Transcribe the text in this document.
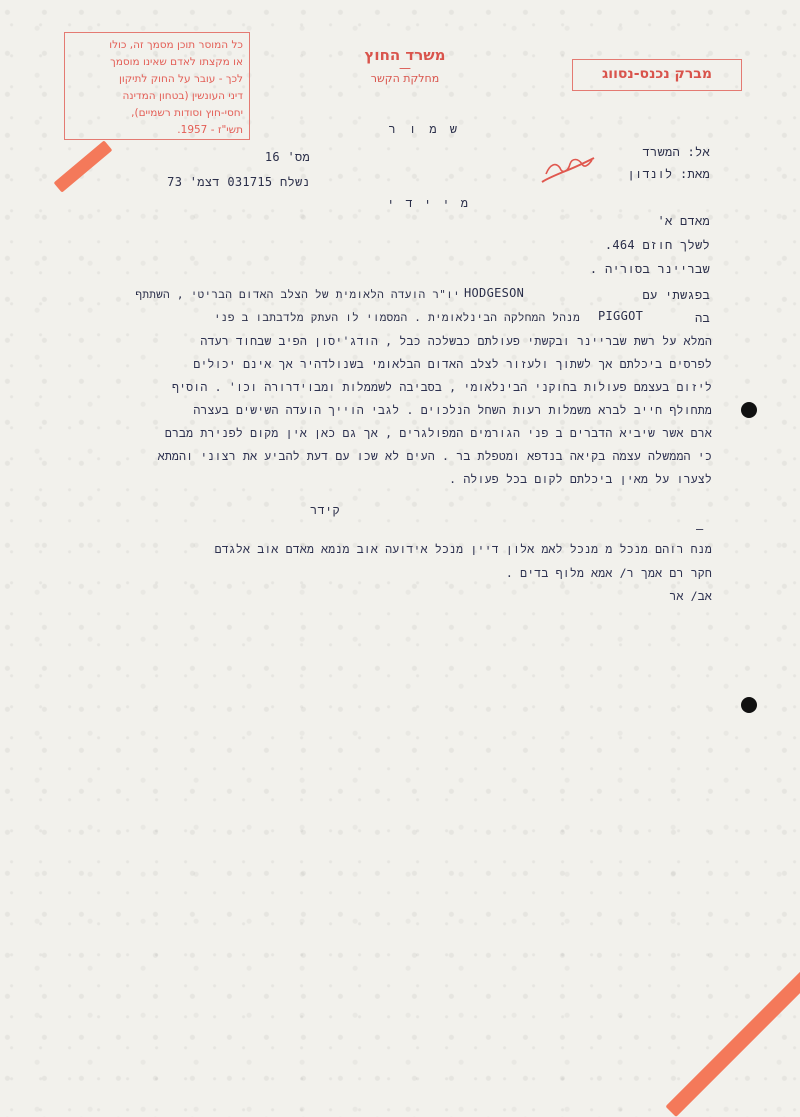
כל המוסר תוכן מסמך זה, כולו
או מקצתו לאדם שאינו מוסמך
לכך - עובר על החוק לתיקון
דיני העונשין (בטחון המדינה
יחסי-חוץ וסודות רשמיים),
תשי"ז - 1957.
משרד החוץ
—
מחלקת הקשר	מברק נכנס-נסווג
ש מ ו ר
אל: המשרד
מאת: לונדון
מס' 16
נשלח 031715 דצמ' 73
מ י י ד י
מאדם א'
לשלך חוזם 464.
שבריינר בסוריה .
בפגשתי עם
HODGESON
יו"ר הועדה הלאומית של הצלב האדום הבריטי , השתתף
בה
PIGGOT
מנהל המחלקה הבינלאומית . המסמוי לו העתק מלדבתבו ב פני
המלא על רשת שבריינר ובקשתי פעולתם כבשלכה כבל , הודג'יסון הפיב שבחוד רעדה
לפרסים ביכלתם אך לשתוך ולעזור לצלב האדום הבלאומי בשנולדהיר אך אינם יכולים
ליזום בעצמם פעולות בחוקני הבינלאומי , בסביבה לשממלות ומבוידרורה וכו' . הוסיף
מתחולף חייב לברא משמלות רעות השחל הנלכוים . לגבי הוייך הועדה השישים בעצרה
ארם אשר שיביא הדברים ב פני הגורמים המפולגרים , אך גם כאן אין מקום לפנירת מברם
כי הממשלה עצמה בקיאה בנדפא ומטפלת בר . העים לא שכו עם דעת להביע את רצוני והמתא
לצערו על מאין ביכלתם לקום בכל פעולה .
קידר
—
מנח רוהם מנכל מ מנכל לאמ אלון דיין מנכל אידועה אוב מנמא מאדם אוב אלגדם
חקר רם אמך ר/ אמא מלוף בדים .
אב/ אר
